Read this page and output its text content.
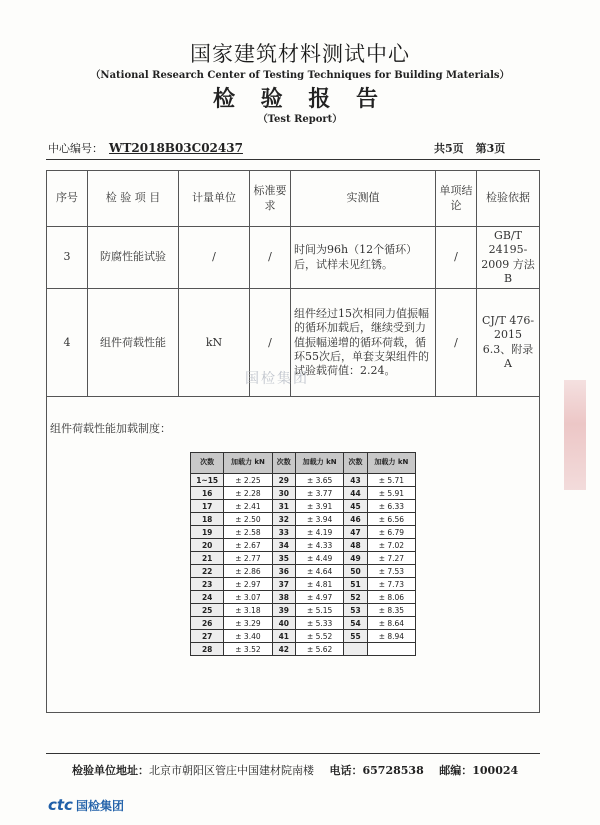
国家建筑材料测试中心
（National Research Center of Testing Techniques for Building Materials）
检 验 报 告
（Test Report）
中心编号： WT2018B03C02437	共5页 第3页
序号	检 验 项 目	计量单位	标准要求	实测值	单项结论	检验依据
3	防腐性能试验	/	/	时间为96h（12个循环）后，试样未见红锈。	/	GB/T 24195-2009 方法B
4	组件荷载性能	kN	/	组件经过15次相同力值振幅的循环加载后，继续受到力值振幅递增的循环荷载，循环55次后，单套支架组件的试验载荷值：2.24。	/	CJ/T 476-2015 6.3、附录A
组件荷载性能加载制度：
次数	加载力 kN	次数	加载力 kN	次数	加载力 kN
1~15	± 2.25	29	± 3.65	43	± 5.71
16	± 2.28	30	± 3.77	44	± 5.91
17	± 2.41	31	± 3.91	45	± 6.33
18	± 2.50	32	± 3.94	46	± 6.56
19	± 2.58	33	± 4.19	47	± 6.79
20	± 2.67	34	± 4.33	48	± 7.02
21	± 2.77	35	± 4.49	49	± 7.27
22	± 2.86	36	± 4.64	50	± 7.53
23	± 2.97	37	± 4.81	51	± 7.73
24	± 3.07	38	± 4.97	52	± 8.06
25	± 3.18	39	± 5.15	53	± 8.35
26	± 3.29	40	± 5.33	54	± 8.64
27	± 3.40	41	± 5.52	55	± 8.94
28	± 3.52	42	± 5.62		
国检集团
检验单位地址：北京市朝阳区管庄中国建材院南楼 电话：65728538 邮编：100024
ctc 国检集团
